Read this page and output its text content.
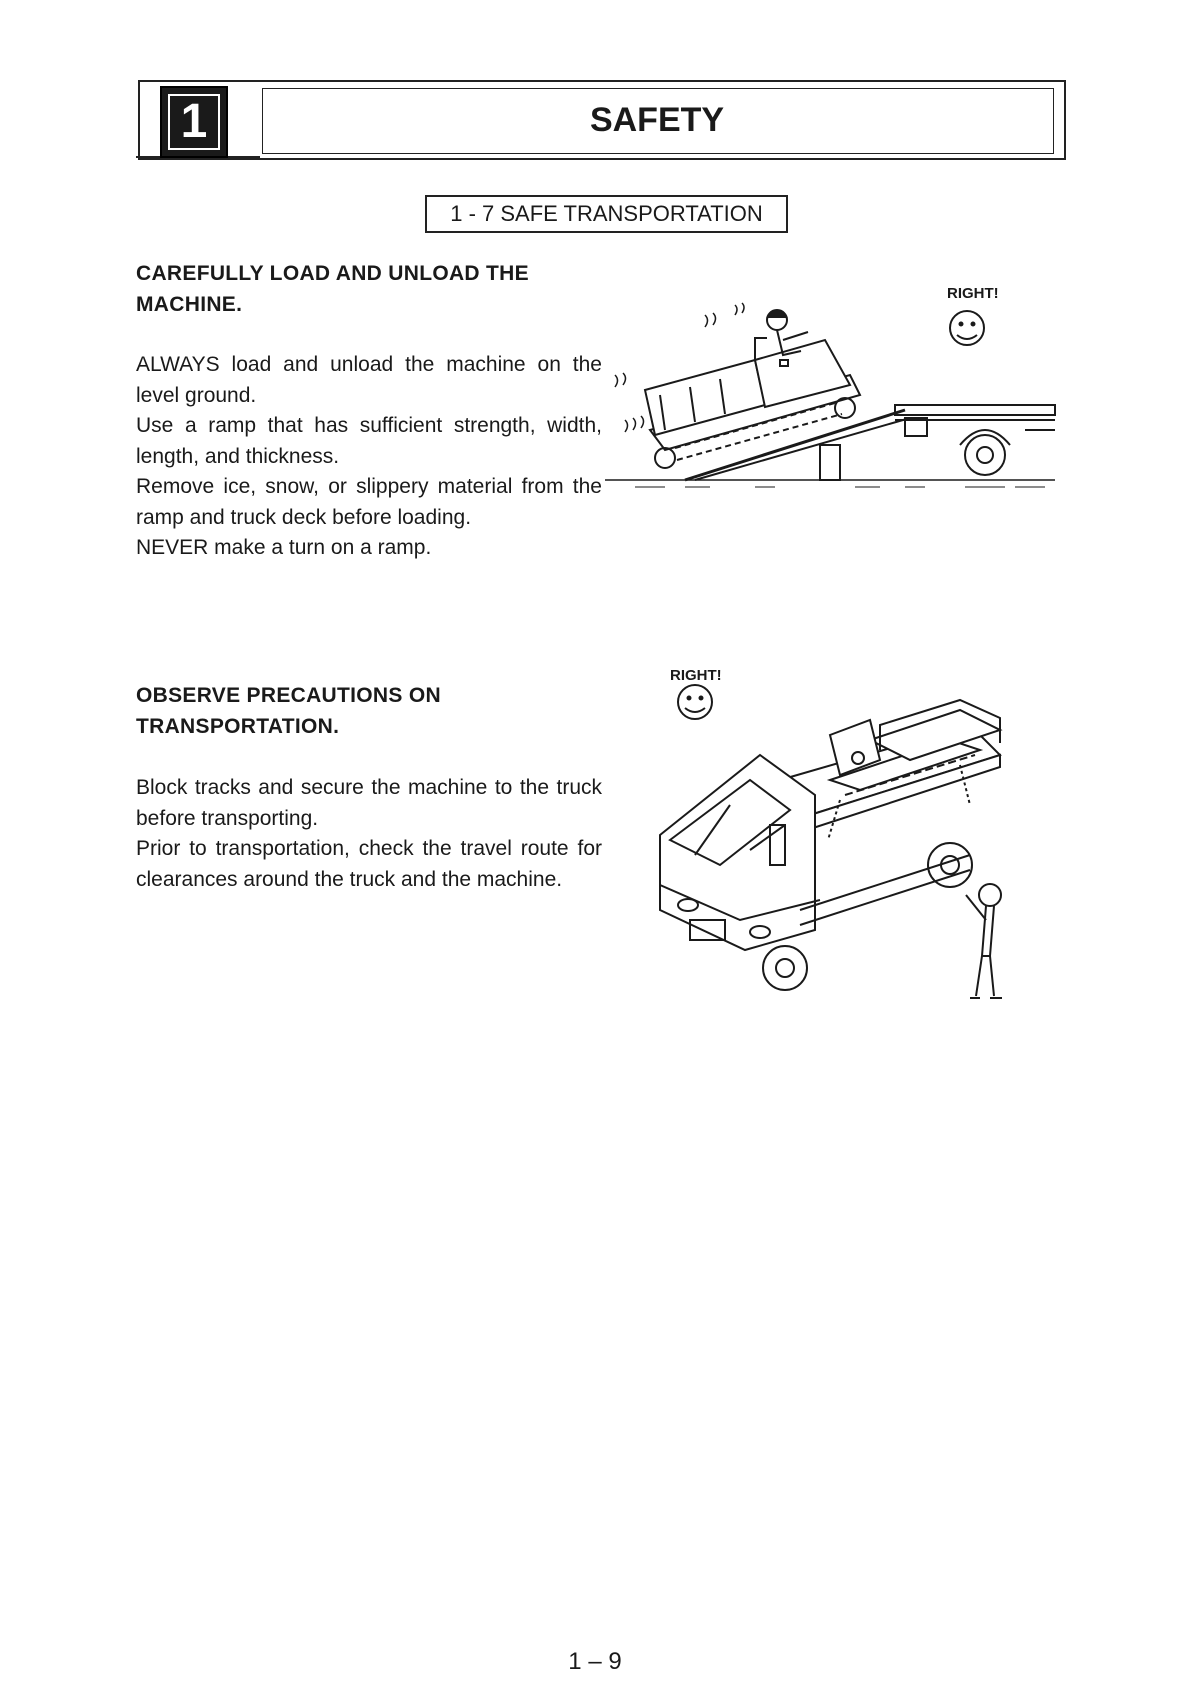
1	SAFETY
1 - 7 SAFE TRANSPORTATION
CAREFULLY LOAD AND UNLOAD THE
MACHINE.

ALWAYS load and unload the machine on the level ground.

Use a ramp that has sufficient strength, width, length, and thickness.

Remove ice, snow, or slippery material from the ramp and truck deck before loading.

NEVER make a turn on a ramp.

RIGHT!
OBSERVE PRECAUTIONS ON
TRANSPORTATION.

Block tracks and secure the machine to the truck before transporting.

Prior to transportation, check the travel route for clearances around the truck and the machine.

RIGHT!
1 – 9
